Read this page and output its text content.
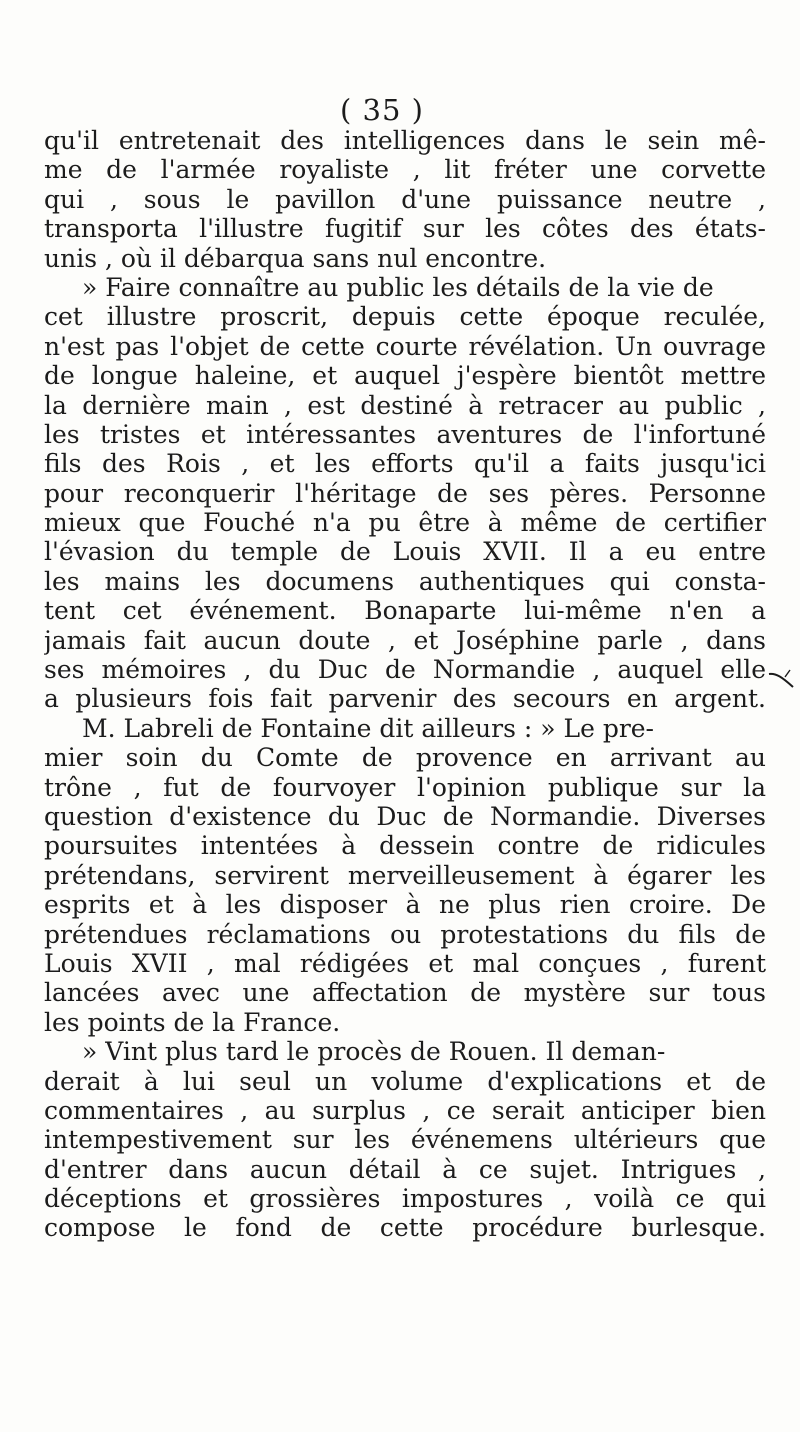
( 35 )
qu'il entretenait des intelligences dans le sein mê-
me de l'armée royaliste , lit fréter une corvette
qui , sous le pavillon d'une puissance neutre ,
transporta l'illustre fugitif sur les côtes des états-
unis , où il débarqua sans nul encontre.
» Faire connaître au public les détails de la vie de
cet illustre proscrit, depuis cette époque reculée,
n'est pas l'objet de cette courte révélation. Un ouvrage
de longue haleine, et auquel j'espère bientôt mettre
la dernière main , est destiné à retracer au public ,
les tristes et intéressantes aventures de l'infortuné
fils des Rois , et les efforts qu'il a faits jusqu'ici
pour reconquerir l'héritage de ses pères. Personne
mieux que Fouché n'a pu être à même de certifier
l'évasion du temple de Louis XVII. Il a eu entre
les mains les documens authentiques qui consta-
tent cet événement. Bonaparte lui-même n'en a
jamais fait aucun doute , et Joséphine parle , dans
ses mémoires , du Duc de Normandie , auquel elle
a plusieurs fois fait parvenir des secours en argent.
M. Labreli de Fontaine dit ailleurs : » Le pre-
mier soin du Comte de provence en arrivant au
trône , fut de fourvoyer l'opinion publique sur la
question d'existence du Duc de Normandie. Diverses
poursuites intentées à dessein contre de ridicules
prétendans, servirent merveilleusement à égarer les
esprits et à les disposer à ne plus rien croire. De
prétendues réclamations ou protestations du fils de
Louis XVII , mal rédigées et mal conçues , furent
lancées avec une affectation de mystère sur tous
les points de la France.
» Vint plus tard le procès de Rouen. Il deman-
derait à lui seul un volume d'explications et de
commentaires , au surplus , ce serait anticiper bien
intempestivement sur les événemens ultérieurs que
d'entrer dans aucun détail à ce sujet. Intrigues ,
déceptions et grossières impostures , voilà ce qui
compose le fond de cette procédure burlesque.
